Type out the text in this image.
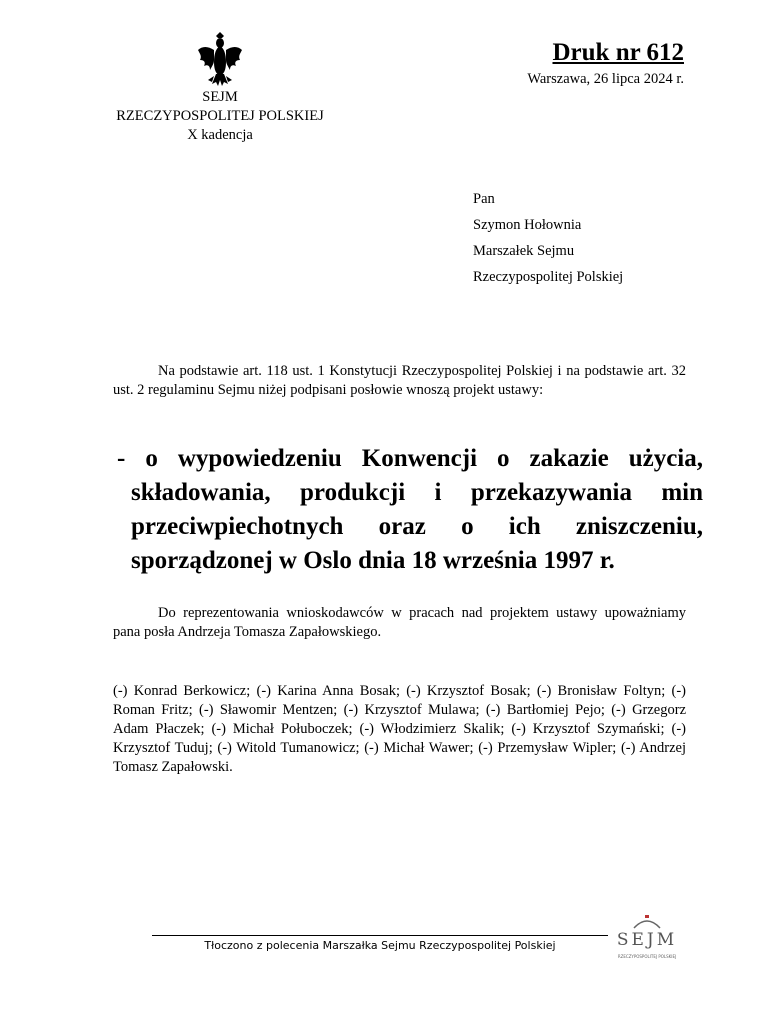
SEJM
RZECZYPOSPOLITEJ POLSKIEJ
X kadencja
Druk nr 612
Warszawa, 26 lipca 2024 r.
Pan
Szymon Hołownia
Marszałek Sejmu
Rzeczypospolitej Polskiej
Na podstawie art. 118 ust. 1 Konstytucji Rzeczypospolitej Polskiej i na podstawie art. 32 ust. 2 regulaminu Sejmu niżej podpisani posłowie wnoszą projekt ustawy:
- o wypowiedzeniu Konwencji o zakazie użycia, składowania, produkcji i przekazywania min przeciwpiechotnych oraz o ich zniszczeniu, sporządzonej w Oslo dnia 18 września 1997 r.
Do reprezentowania wnioskodawców w pracach nad projektem ustawy upoważniamy pana posła Andrzeja Tomasza Zapałowskiego.
(-) Konrad Berkowicz; (-) Karina Anna Bosak; (-) Krzysztof Bosak; (-) Bronisław Foltyn; (-) Roman Fritz; (-) Sławomir Mentzen; (-) Krzysztof Mulawa; (-) Bartłomiej Pejo; (-) Grzegorz Adam Płaczek; (-) Michał Połuboczek; (-) Włodzimierz Skalik; (-) Krzysztof Szymański; (-) Krzysztof Tuduj; (-) Witold Tumanowicz; (-) Michał Wawer; (-) Przemysław Wipler; (-) Andrzej Tomasz Zapałowski.
Tłoczono z polecenia Marszałka Sejmu Rzeczypospolitej Polskiej	SEJM
RZECZYPOSPOLITEJ POLSKIEJ
